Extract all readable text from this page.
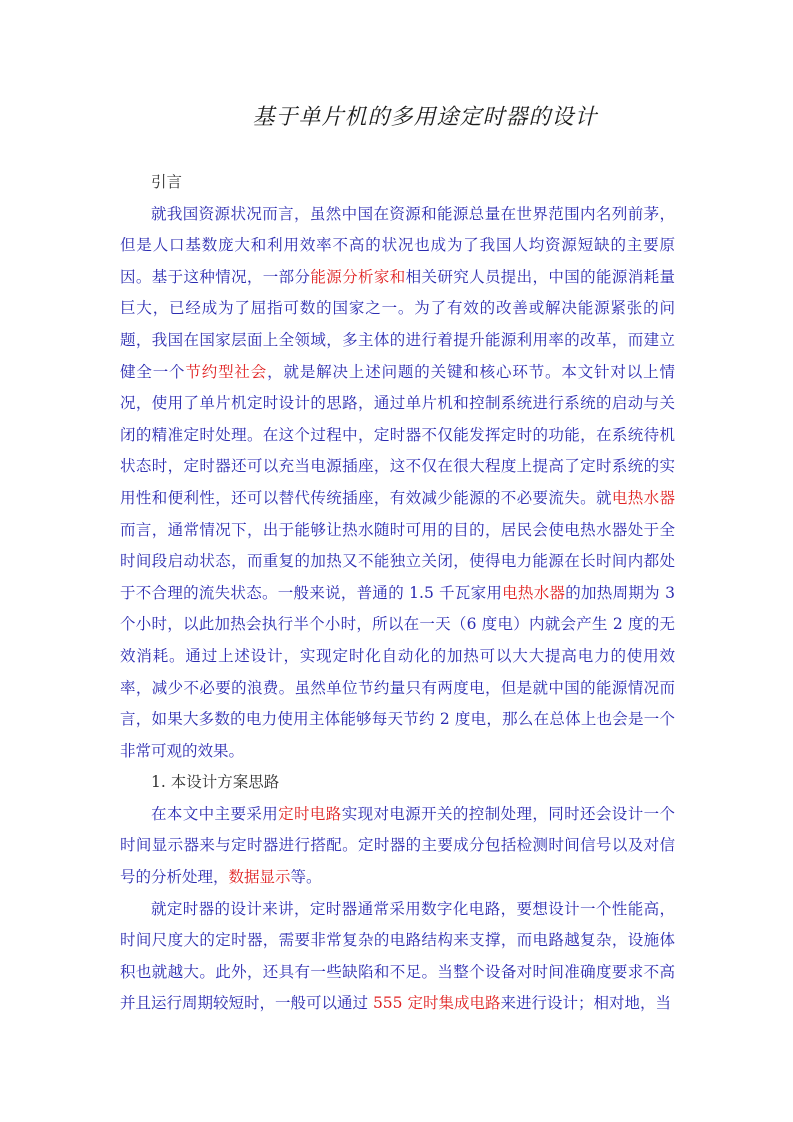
基于单片机的多用途定时器的设计

引言

就我国资源状况而言，虽然中国在资源和能源总量在世界范围内名列前茅，但是人口基数庞大和利用效率不高的状况也成为了我国人均资源短缺的主要原因。基于这种情况，一部分能源分析家和相关研究人员提出，中国的能源消耗量巨大，已经成为了屈指可数的国家之一。为了有效的改善或解决能源紧张的问题，我国在国家层面上全领域，多主体的进行着提升能源利用率的改革，而建立健全一个节约型社会，就是解决上述问题的关键和核心环节。本文针对以上情况，使用了单片机定时设计的思路，通过单片机和控制系统进行系统的启动与关闭的精准定时处理。在这个过程中，定时器不仅能发挥定时的功能，在系统待机状态时，定时器还可以充当电源插座，这不仅在很大程度上提高了定时系统的实用性和便利性，还可以替代传统插座，有效减少能源的不必要流失。就电热水器而言，通常情况下，出于能够让热水随时可用的目的，居民会使电热水器处于全时间段启动状态，而重复的加热又不能独立关闭，使得电力能源在长时间内都处于不合理的流失状态。一般来说，普通的 1.5 千瓦家用电热水器的加热周期为 3 个小时，以此加热会执行半个小时，所以在一天（6 度电）内就会产生 2 度的无效消耗。通过上述设计，实现定时化自动化的加热可以大大提高电力的使用效率，减少不必要的浪费。虽然单位节约量只有两度电，但是就中国的能源情况而言，如果大多数的电力使用主体能够每天节约 2 度电，那么在总体上也会是一个非常可观的效果。

1. 本设计方案思路

在本文中主要采用定时电路实现对电源开关的控制处理，同时还会设计一个时间显示器来与定时器进行搭配。定时器的主要成分包括检测时间信号以及对信号的分析处理，数据显示等。

就定时器的设计来讲，定时器通常采用数字化电路，要想设计一个性能高，时间尺度大的定时器，需要非常复杂的电路结构来支撑，而电路越复杂，设施体积也就越大。此外，还具有一些缺陷和不足。当整个设备对时间准确度要求不高并且运行周期较短时，一般可以通过 555 定时集成电路来进行设计；相对地，当
